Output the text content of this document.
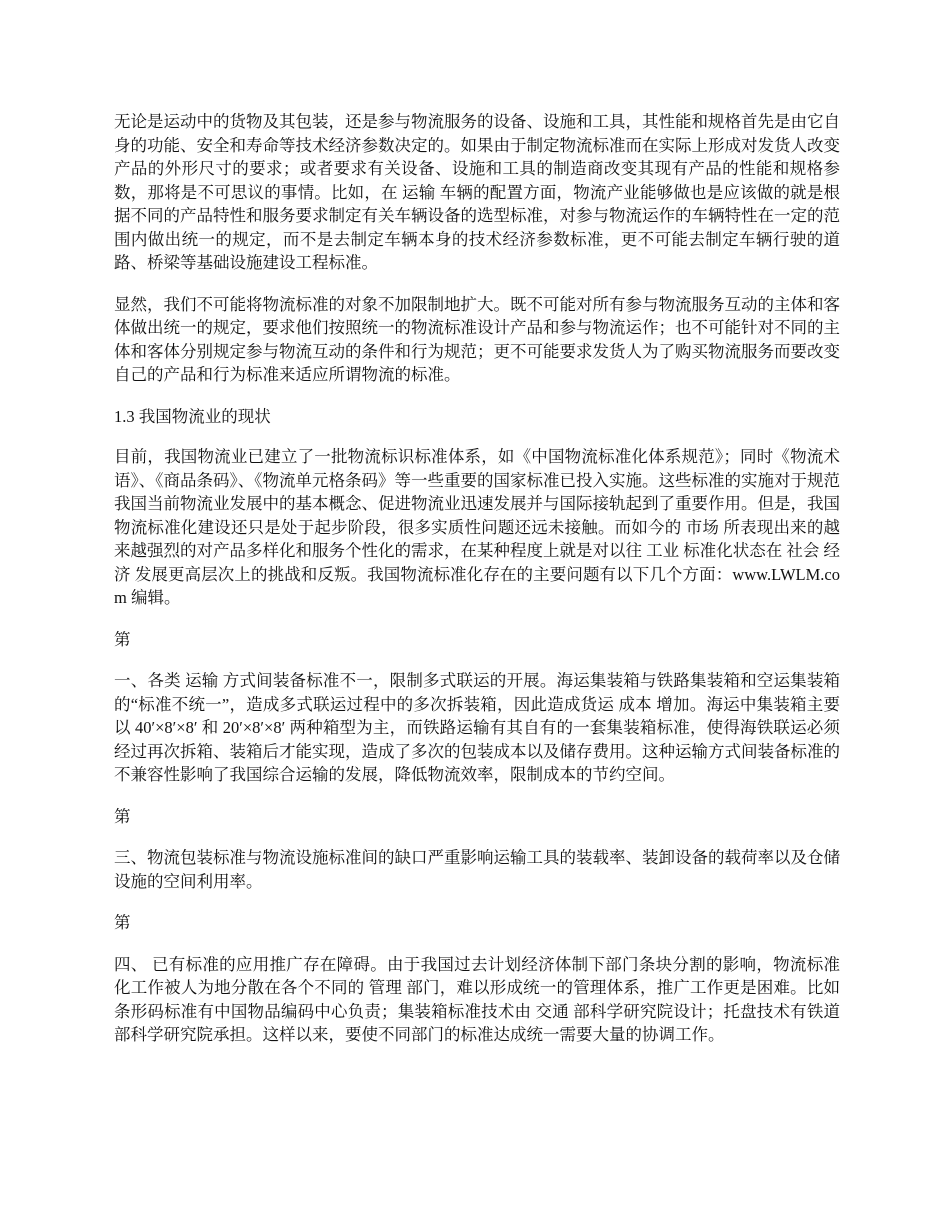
无论是运动中的货物及其包装，还是参与物流服务的设备、设施和工具，其性能和规格首先是由它自身的功能、安全和寿命等技术经济参数决定的。如果由于制定物流标准而在实际上形成对发货人改变产品的外形尺寸的要求；或者要求有关设备、设施和工具的制造商改变其现有产品的性能和规格参数，那将是不可思议的事情。比如，在 运输 车辆的配置方面，物流产业能够做也是应该做的就是根据不同的产品特性和服务要求制定有关车辆设备的选型标准，对参与物流运作的车辆特性在一定的范围内做出统一的规定，而不是去制定车辆本身的技术经济参数标准，更不可能去制定车辆行驶的道路、桥梁等基础设施建设工程标准。

显然，我们不可能将物流标准的对象不加限制地扩大。既不可能对所有参与物流服务互动的主体和客体做出统一的规定，要求他们按照统一的物流标准设计产品和参与物流运作；也不可能针对不同的主体和客体分别规定参与物流互动的条件和行为规范；更不可能要求发货人为了购买物流服务而要改变自己的产品和行为标准来适应所谓物流的标准。

1.3 我国物流业的现状

目前，我国物流业已建立了一批物流标识标准体系，如《中国物流标准化体系规范》；同时《物流术语》、《商品条码》、《物流单元格条码》等一些重要的国家标准已投入实施。这些标准的实施对于规范我国当前物流业发展中的基本概念、促进物流业迅速发展并与国际接轨起到了重要作用。但是，我国物流标准化建设还只是处于起步阶段，很多实质性问题还远未接触。而如今的 市场 所表现出来的越来越强烈的对产品多样化和服务个性化的需求，在某种程度上就是对以往 工业 标准化状态在 社会 经济 发展更高层次上的挑战和反叛。我国物流标准化存在的主要问题有以下几个方面：www.LWLM.com 编辑。

第

一、各类 运输 方式间装备标准不一，限制多式联运的开展。海运集装箱与铁路集装箱和空运集装箱的“标准不统一”，造成多式联运过程中的多次拆装箱，因此造成货运 成本 增加。海运中集装箱主要以 40′×8′×8′ 和 20′×8′×8′ 两种箱型为主，而铁路运输有其自有的一套集装箱标准，使得海铁联运必须经过再次拆箱、装箱后才能实现，造成了多次的包装成本以及储存费用。这种运输方式间装备标准的不兼容性影响了我国综合运输的发展，降低物流效率，限制成本的节约空间。

第

三、物流包装标准与物流设施标准间的缺口严重影响运输工具的装载率、装卸设备的载荷率以及仓储设施的空间利用率。

第

四、 已有标准的应用推广存在障碍。由于我国过去计划经济体制下部门条块分割的影响，物流标准化工作被人为地分散在各个不同的 管理 部门，难以形成统一的管理体系，推广工作更是困难。比如条形码标准有中国物品编码中心负责；集装箱标准技术由 交通 部科学研究院设计；托盘技术有铁道部科学研究院承担。这样以来，要使不同部门的标准达成统一需要大量的协调工作。
